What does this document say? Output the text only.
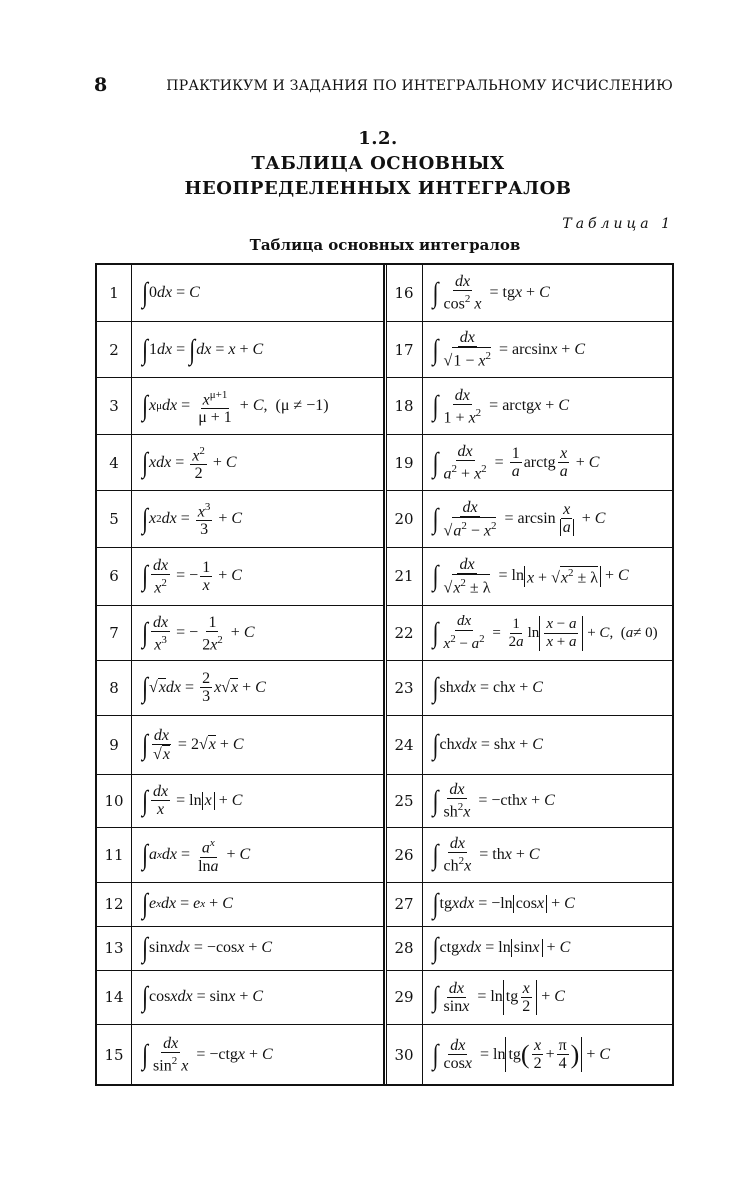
8	ПРАКТИКУМ И ЗАДАНИЯ ПО ИНТЕГРАЛЬНОМУ ИСЧИСЛЕНИЮ
1.2.
ТАБЛИЦА ОСНОВНЫХ
НЕОПРЕДЕЛЕННЫХ ИНТЕГРАЛОВ
Таблица 1
Таблица основных интегралов
1	∫ 0 dx = C
2	∫ 1 dx = ∫ dx = x + C
3	∫ x μ dx = $\frac{x^{\mu+1}}{\mu + 1} + C$ ,  (μ ≠ −1)
4	∫ xdx = $\frac{x^2}{2} + C$
5	∫ x 2 dx = $\frac{x^3}{3} + C$
6	∫ $\frac{dx}{x^2}$ = − $\frac{1}{x} + C$
7	∫ $\frac{dx}{x^3}$ = − $\frac{1}{2x^2} + C$
8	∫ √ x dx = $\frac{2}{3}$ x √ x + C
9	∫ $\frac{dx}{√x} = 2√$ x + C
10 ∫ $\frac{dx}{x} = \ln x + C$
11 ∫ a x dx = $\frac{a^x}{\ln a} + C$
12 ∫ e x dx = e x + C
13 ∫ sin xdx = −cos x + C
14 ∫ cos xdx = sin x + C
15 ∫ $\frac{dx}{\sin^2 x} = -ctg$ x + C
16 ∫ $\frac{dx}{\cos^2 x}$ = tg x + C
17 ∫ $\frac{dx}{√1 - x^2} = \arcsin x + C$
18 ∫ $\frac{dx}{1 + x^2}$ = arctg x + C
19 ∫ $\frac{dx}{a^2 + x^2} = \frac{1}{a}$ arctg $\frac{x}{a} + C$
20 ∫ $\frac{dx}{√a^2 - x^2} = \arcsin \frac{x}{a} + C$
21 ∫ $\frac{dx}{√x^2 \pm \lambda} = \ln x + √x^2 \pm \lambda + C$
22 ∫ $\frac{dx}{x^2 - a^2} = \frac{1}{2a}$ $\ln \frac{x - a}{x + a} + C$ ,  ( a ≠ 0)
23 ∫ sh xdx = ch x + C
24 ∫ ch xdx = sh x + C
25 ∫ $\frac{dx}{sh^2x} = -cth$ x + C
26 ∫ $\frac{dx}{ch^2x}$ = th x + C
27 ∫ tg xdx = −ln cosx + C
28 ∫ ctg xdx = ln sinx + C
29 ∫ $\frac{dx}{\sin x} = \ln$ tg $\frac{x}{2} + C$
30 ∫ $\frac{dx}{\cos x} = \ln$ tg ( $\frac{x}{2} + \frac{\pi}{4}$ ) + C
